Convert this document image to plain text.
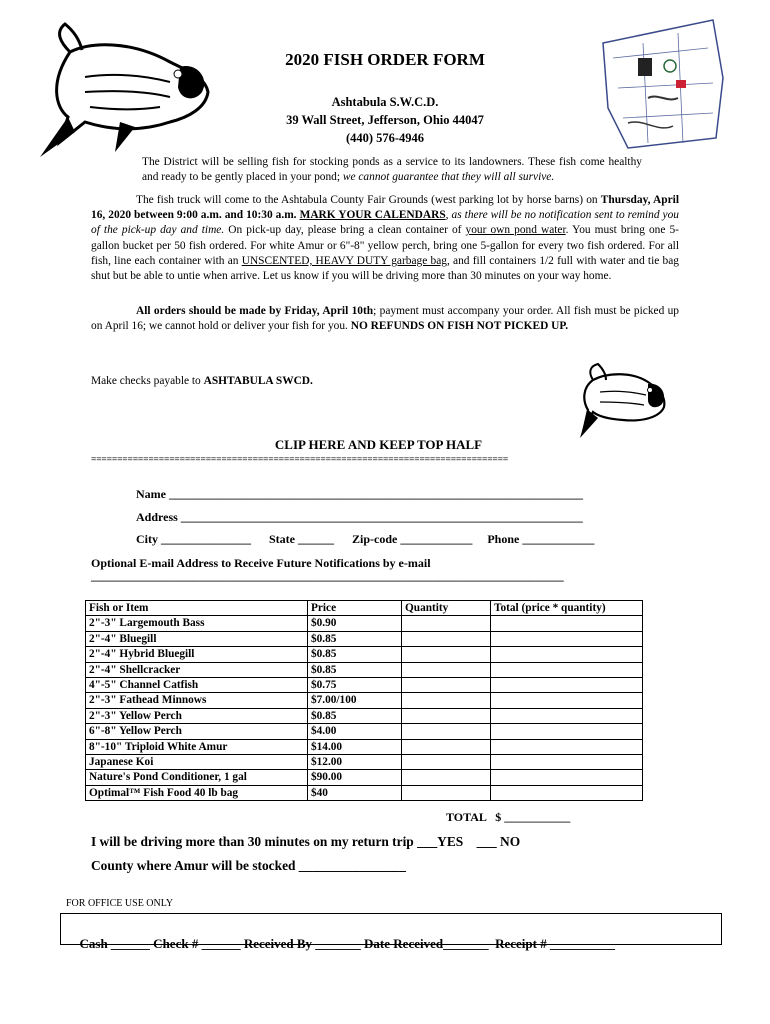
2020 FISH ORDER FORM
Ashtabula S.W.C.D.
39 Wall Street, Jefferson, Ohio 44047
(440) 576-4946
The District will be selling fish for stocking ponds as a service to its landowners. These fish come healthy and ready to be gently placed in your pond; we cannot guarantee that they will all survive.
The fish truck will come to the Ashtabula County Fair Grounds (west parking lot by horse barns) on Thursday, April 16, 2020 between 9:00 a.m. and 10:30 a.m. MARK YOUR CALENDARS, as there will be no notification sent to remind you of the pick-up day and time. On pick-up day, please bring a clean container of your own pond water. You must bring one 5-gallon bucket per 50 fish ordered. For white Amur or 6"-8" yellow perch, bring one 5-gallon for every two fish ordered. For all fish, line each container with an UNSCENTED, HEAVY DUTY garbage bag, and fill containers 1/2 full with water and tie bag shut but be able to untie when arrive. Let us know if you will be driving more than 30 minutes on your way home.
All orders should be made by Friday, April 10th; payment must accompany your order. All fish must be picked up on April 16; we cannot hold or deliver your fish for you. NO REFUNDS ON FISH NOT PICKED UP.
Make checks payable to ASHTABULA SWCD.
CLIP HERE AND KEEP TOP HALF
================================================================================
Name _____________________________________________________________________
Address ___________________________________________________________________
City _______________      State ______      Zip-code ____________     Phone ____________
Optional E-mail Address to Receive Future Notifications by e-mail
___________________________________________________________________________________
Fish or Item	Price	Quantity	Total (price * quantity)
2"-3" Largemouth Bass	$0.90		
2"-4" Bluegill	$0.85		
2"-4" Hybrid Bluegill	$0.85		
2"-4" Shellcracker	$0.85		
4"-5" Channel Catfish	$0.75		
2"-3" Fathead Minnows	$7.00/100		
2"-3" Yellow Perch	$0.85		
6"-8" Yellow Perch	$4.00		
8"-10" Triploid White Amur	$14.00		
Japanese Koi	$12.00		
Nature's Pond Conditioner, 1 gal	$90.00		
Optimal™ Fish Food 40 lb bag	$40		
TOTAL   $ ___________
I will be driving more than 30 minutes on my return trip ___YES    ___ NO
County where Amur will be stocked ________________
FOR OFFICE USE ONLY

Cash ______ Check # ______ Received By _______ Date Received_______  Receipt # __________
